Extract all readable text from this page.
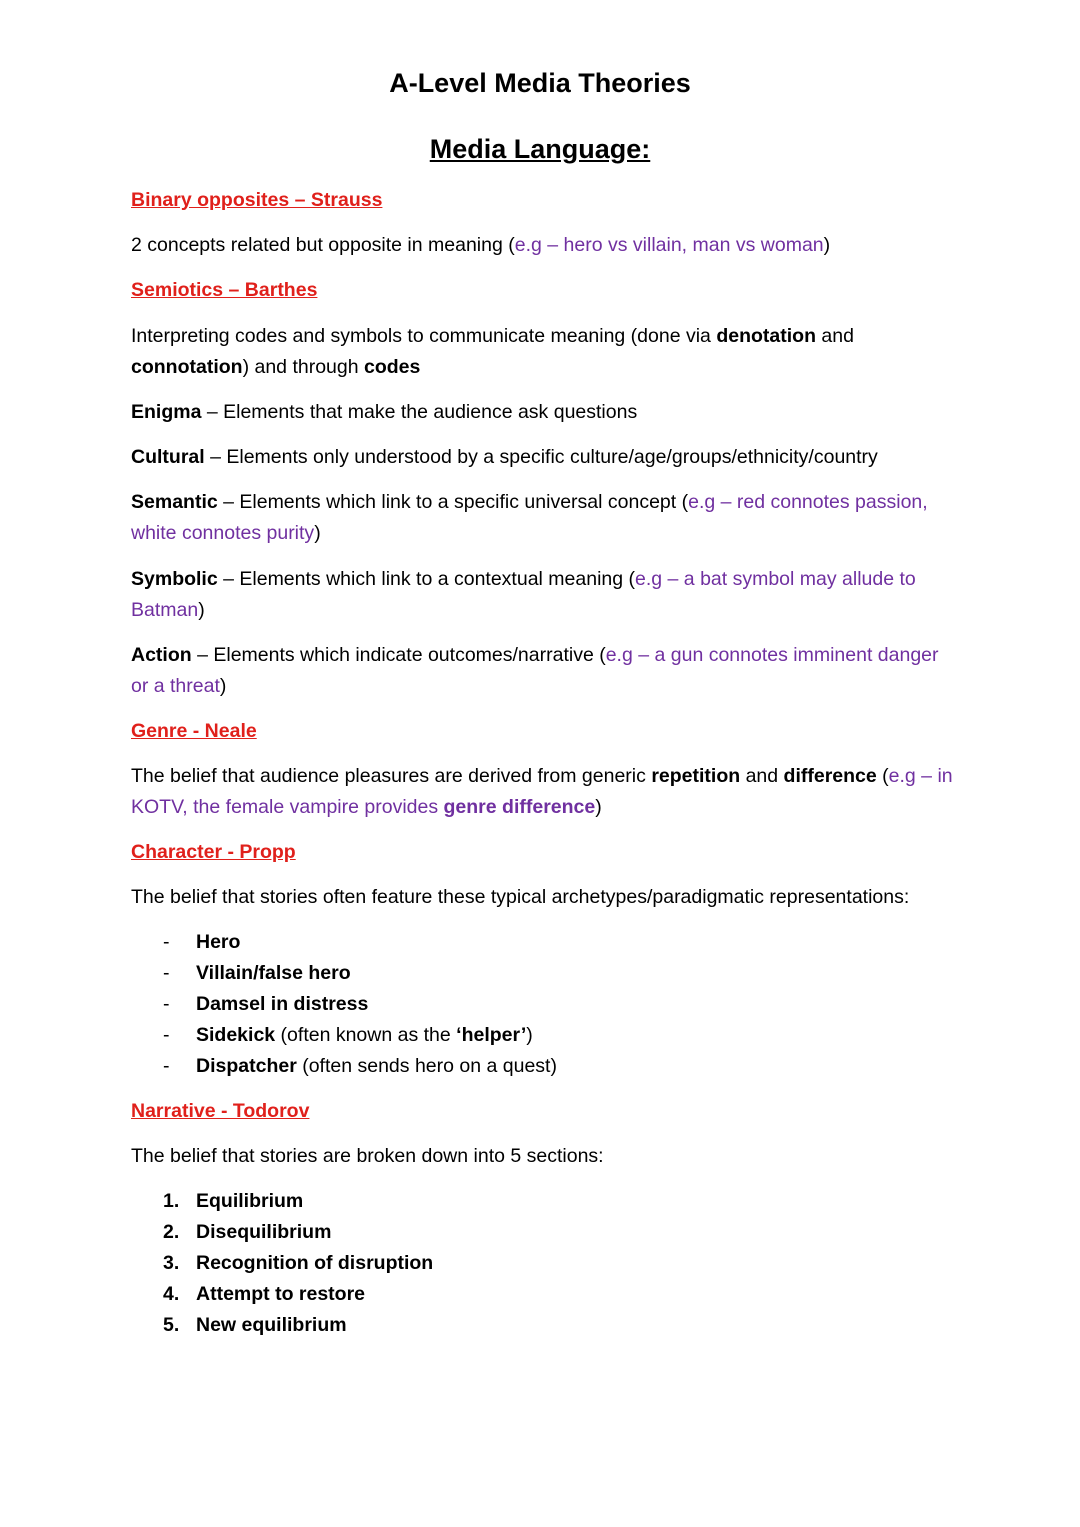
A-Level Media Theories
Media Language:
Binary opposites – Strauss
2 concepts related but opposite in meaning (e.g – hero vs villain, man vs woman)
Semiotics – Barthes
Interpreting codes and symbols to communicate meaning (done via denotation and
connotation) and through codes
Enigma – Elements that make the audience ask questions
Cultural – Elements only understood by a specific culture/age/groups/ethnicity/country
Semantic – Elements which link to a specific universal concept (e.g – red connotes passion, white connotes purity)
Symbolic – Elements which link to a contextual meaning (e.g – a bat symbol may allude to Batman)
Action – Elements which indicate outcomes/narrative (e.g – a gun connotes imminent danger or a threat)
Genre - Neale
The belief that audience pleasures are derived from generic repetition and difference (e.g – in KOTV, the female vampire provides genre difference)
Character - Propp
The belief that stories often feature these typical archetypes/paradigmatic representations:
- Hero
- Villain/false hero
- Damsel in distress
- Sidekick (often known as the ‘helper’)
- Dispatcher (often sends hero on a quest)
Narrative - Todorov
The belief that stories are broken down into 5 sections:
1. Equilibrium
2. Disequilibrium
3. Recognition of disruption
4. Attempt to restore
5. New equilibrium
